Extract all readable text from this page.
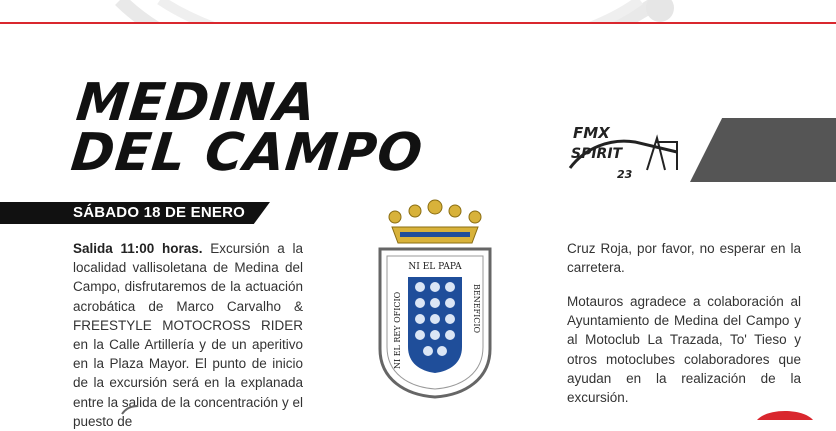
MEDINA
DEL CAMPO
SÁBADO 18 DE ENERO
Salida 11:00 horas. Excursión a la localidad vallisoletana de Medina del Campo, disfrutaremos de la actuación acrobática de Marco Carvalho & FREESTYLE MOTOCROSS RIDER en la Calle Artillería y de un aperitivo en la Plaza Mayor. El punto de inicio de la excursión será en la explanada entre la salida de la concentración y el puesto de
NI EL PAPA
NI EL REY OFICIO	BENEFICIO
Cruz Roja, por favor, no esperar en la carretera.
Motauros agradece a colaboración al Ayuntamiento de Medina del Campo y al Motoclub La Trazada, To' Tieso y otros motoclubes colaboradores que ayudan en la realización de la excursión.
FMX
SPIRIT
23
